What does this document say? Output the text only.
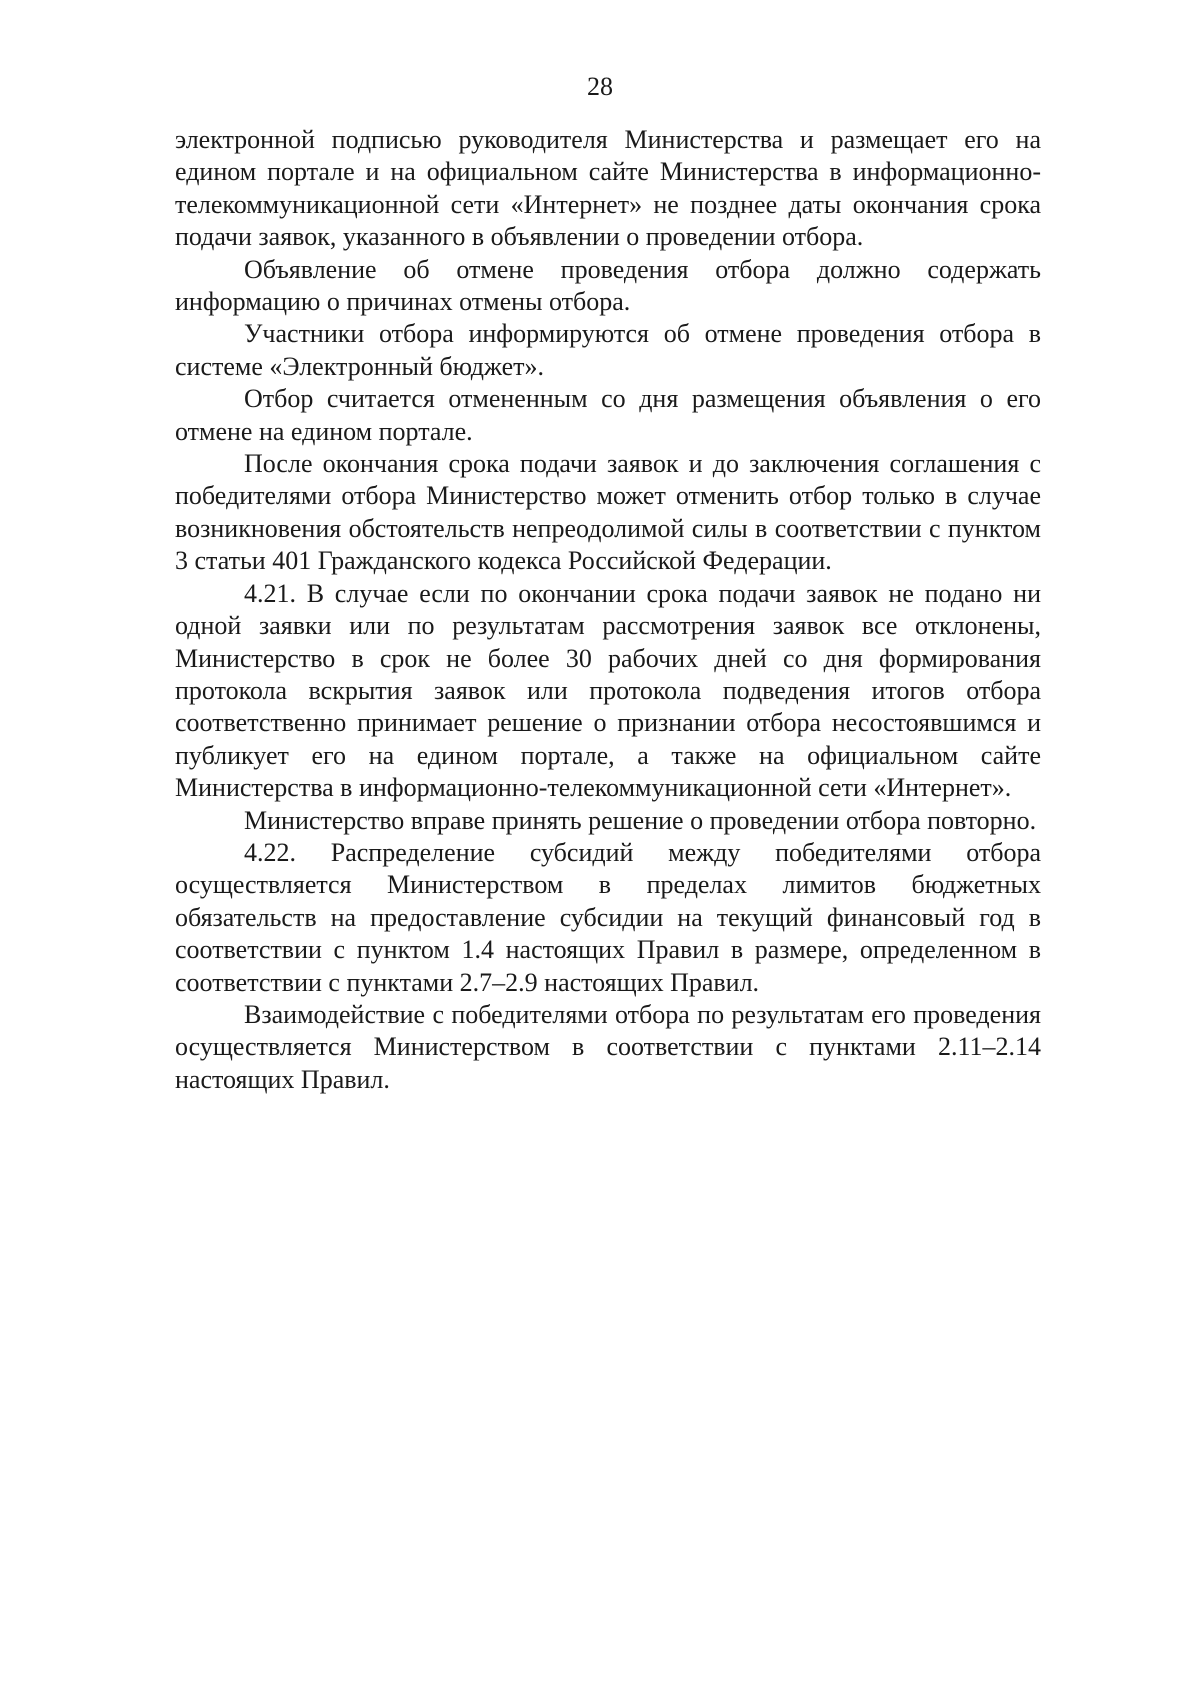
28

электронной подписью руководителя Министерства и размещает его на едином портале и на официальном сайте Министерства в информационно-телекоммуникационной сети «Интернет» не позднее даты окончания срока подачи заявок, указанного в объявлении о проведении отбора.

Объявление об отмене проведения отбора должно содержать информацию о причинах отмены отбора.

Участники отбора информируются об отмене проведения отбора в системе «Электронный бюджет».

Отбор считается отмененным со дня размещения объявления о его отмене на едином портале.

После окончания срока подачи заявок и до заключения соглашения с победителями отбора Министерство может отменить отбор только в случае возникновения обстоятельств непреодолимой силы в соответствии с пунктом 3 статьи 401 Гражданского кодекса Российской Федерации.

4.21. В случае если по окончании срока подачи заявок не подано ни одной заявки или по результатам рассмотрения заявок все отклонены, Министерство в срок не более 30 рабочих дней со дня формирования протокола вскрытия заявок или протокола подведения итогов отбора соответственно принимает решение о признании отбора несостоявшимся и публикует его на едином портале, а также на официальном сайте Министерства в информационно-телекоммуникационной сети «Интернет».

Министерство вправе принять решение о проведении отбора повторно.

4.22. Распределение субсидий между победителями отбора осуществляется Министерством в пределах лимитов бюджетных обязательств на предоставление субсидии на текущий финансовый год в соответствии с пунктом 1.4 настоящих Правил в размере, определенном в соответствии с пунктами 2.7–2.9 настоящих Правил.

Взаимодействие с победителями отбора по результатам его проведения осуществляется Министерством в соответствии с пунктами 2.11–2.14 настоящих Правил.
